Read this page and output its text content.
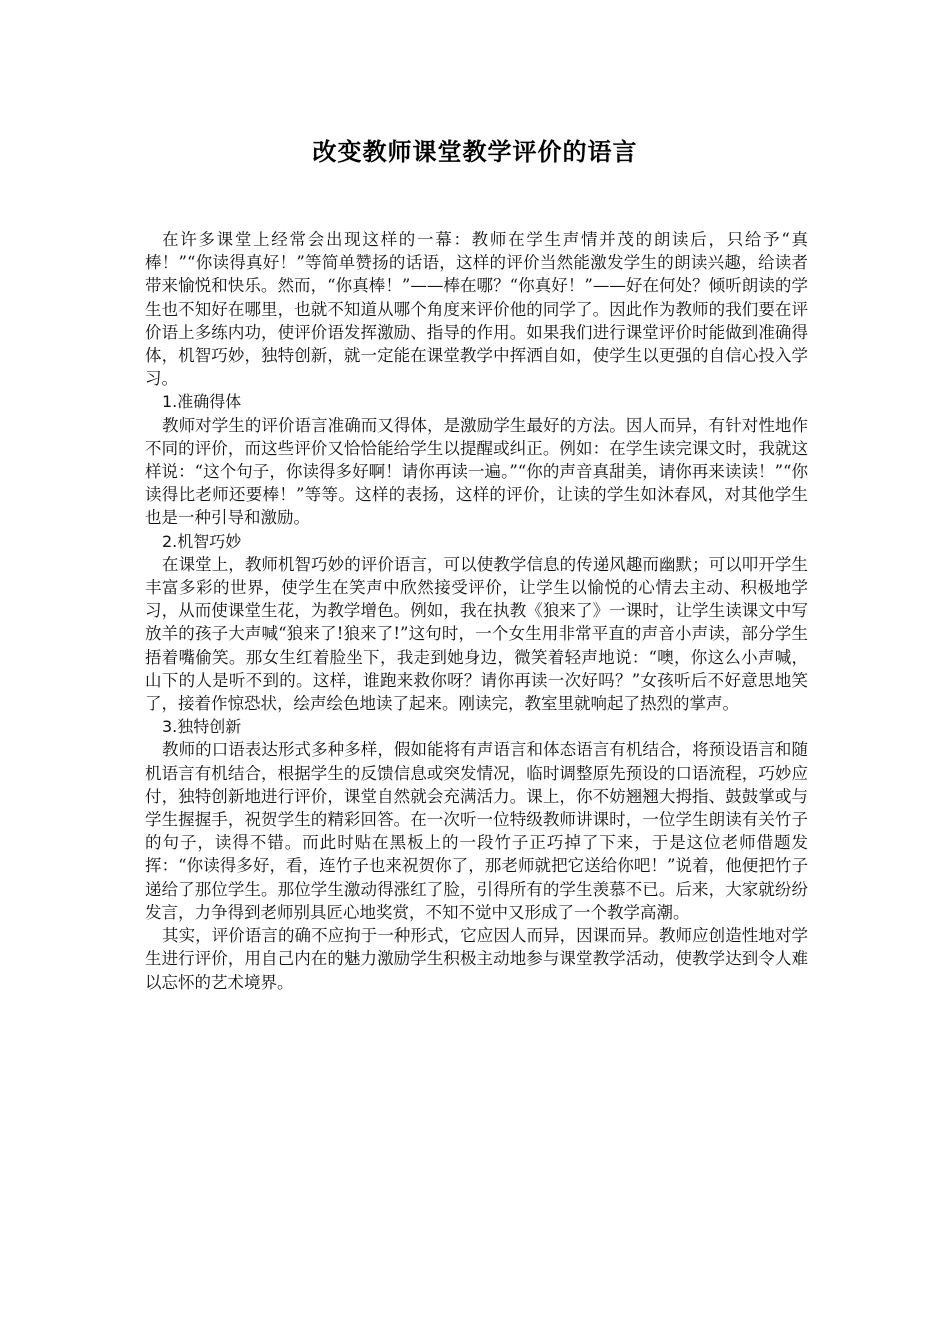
改变教师课堂教学评价的语言

在许多课堂上经常会出现这样的一幕：教师在学生声情并茂的朗读后，只给予“真棒！”“你读得真好！”等简单赞扬的话语，这样的评价当然能激发学生的朗读兴趣，给读者带来愉悦和快乐。然而，“你真棒！”——棒在哪？“你真好！”——好在何处？倾听朗读的学生也不知好在哪里，也就不知道从哪个角度来评价他的同学了。因此作为教师的我们要在评价语上多练内功，使评价语发挥激励、指导的作用。如果我们进行课堂评价时能做到准确得体，机智巧妙，独特创新，就一定能在课堂教学中挥洒自如，使学生以更强的自信心投入学习。

1.准确得体

教师对学生的评价语言准确而又得体，是激励学生最好的方法。因人而异，有针对性地作不同的评价，而这些评价又恰恰能给学生以提醒或纠正。例如：在学生读完课文时，我就这样说：“这个句子，你读得多好啊！请你再读一遍。”“你的声音真甜美，请你再来读读！”“你读得比老师还要棒！”等等。这样的表扬，这样的评价，让读的学生如沐春风，对其他学生也是一种引导和激励。

2.机智巧妙

在课堂上，教师机智巧妙的评价语言，可以使教学信息的传递风趣而幽默；可以叩开学生丰富多彩的世界，使学生在笑声中欣然接受评价，让学生以愉悦的心情去主动、积极地学习，从而使课堂生花，为教学增色。例如，我在执教《狼来了》一课时，让学生读课文中写放羊的孩子大声喊“狼来了!狼来了!”这句时，一个女生用非常平直的声音小声读，部分学生捂着嘴偷笑。那女生红着脸坐下，我走到她身边，微笑着轻声地说：“噢，你这么小声喊，山下的人是听不到的。这样，谁跑来救你呀？请你再读一次好吗？”女孩听后不好意思地笑了，接着作惊恐状，绘声绘色地读了起来。刚读完，教室里就响起了热烈的掌声。

3.独特创新

教师的口语表达形式多种多样，假如能将有声语言和体态语言有机结合，将预设语言和随机语言有机结合，根据学生的反馈信息或突发情况，临时调整原先预设的口语流程，巧妙应付，独特创新地进行评价，课堂自然就会充满活力。课上，你不妨翘翘大拇指、鼓鼓掌或与学生握握手，祝贺学生的精彩回答。在一次听一位特级教师讲课时，一位学生朗读有关竹子的句子，读得不错。而此时贴在黑板上的一段竹子正巧掉了下来，于是这位老师借题发挥：“你读得多好，看，连竹子也来祝贺你了，那老师就把它送给你吧！”说着，他便把竹子递给了那位学生。那位学生激动得涨红了脸，引得所有的学生羡慕不已。后来，大家就纷纷发言，力争得到老师别具匠心地奖赏，不知不觉中又形成了一个教学高潮。

其实，评价语言的确不应拘于一种形式，它应因人而异，因课而异。教师应创造性地对学生进行评价，用自己内在的魅力激励学生积极主动地参与课堂教学活动，使教学达到令人难以忘怀的艺术境界。
